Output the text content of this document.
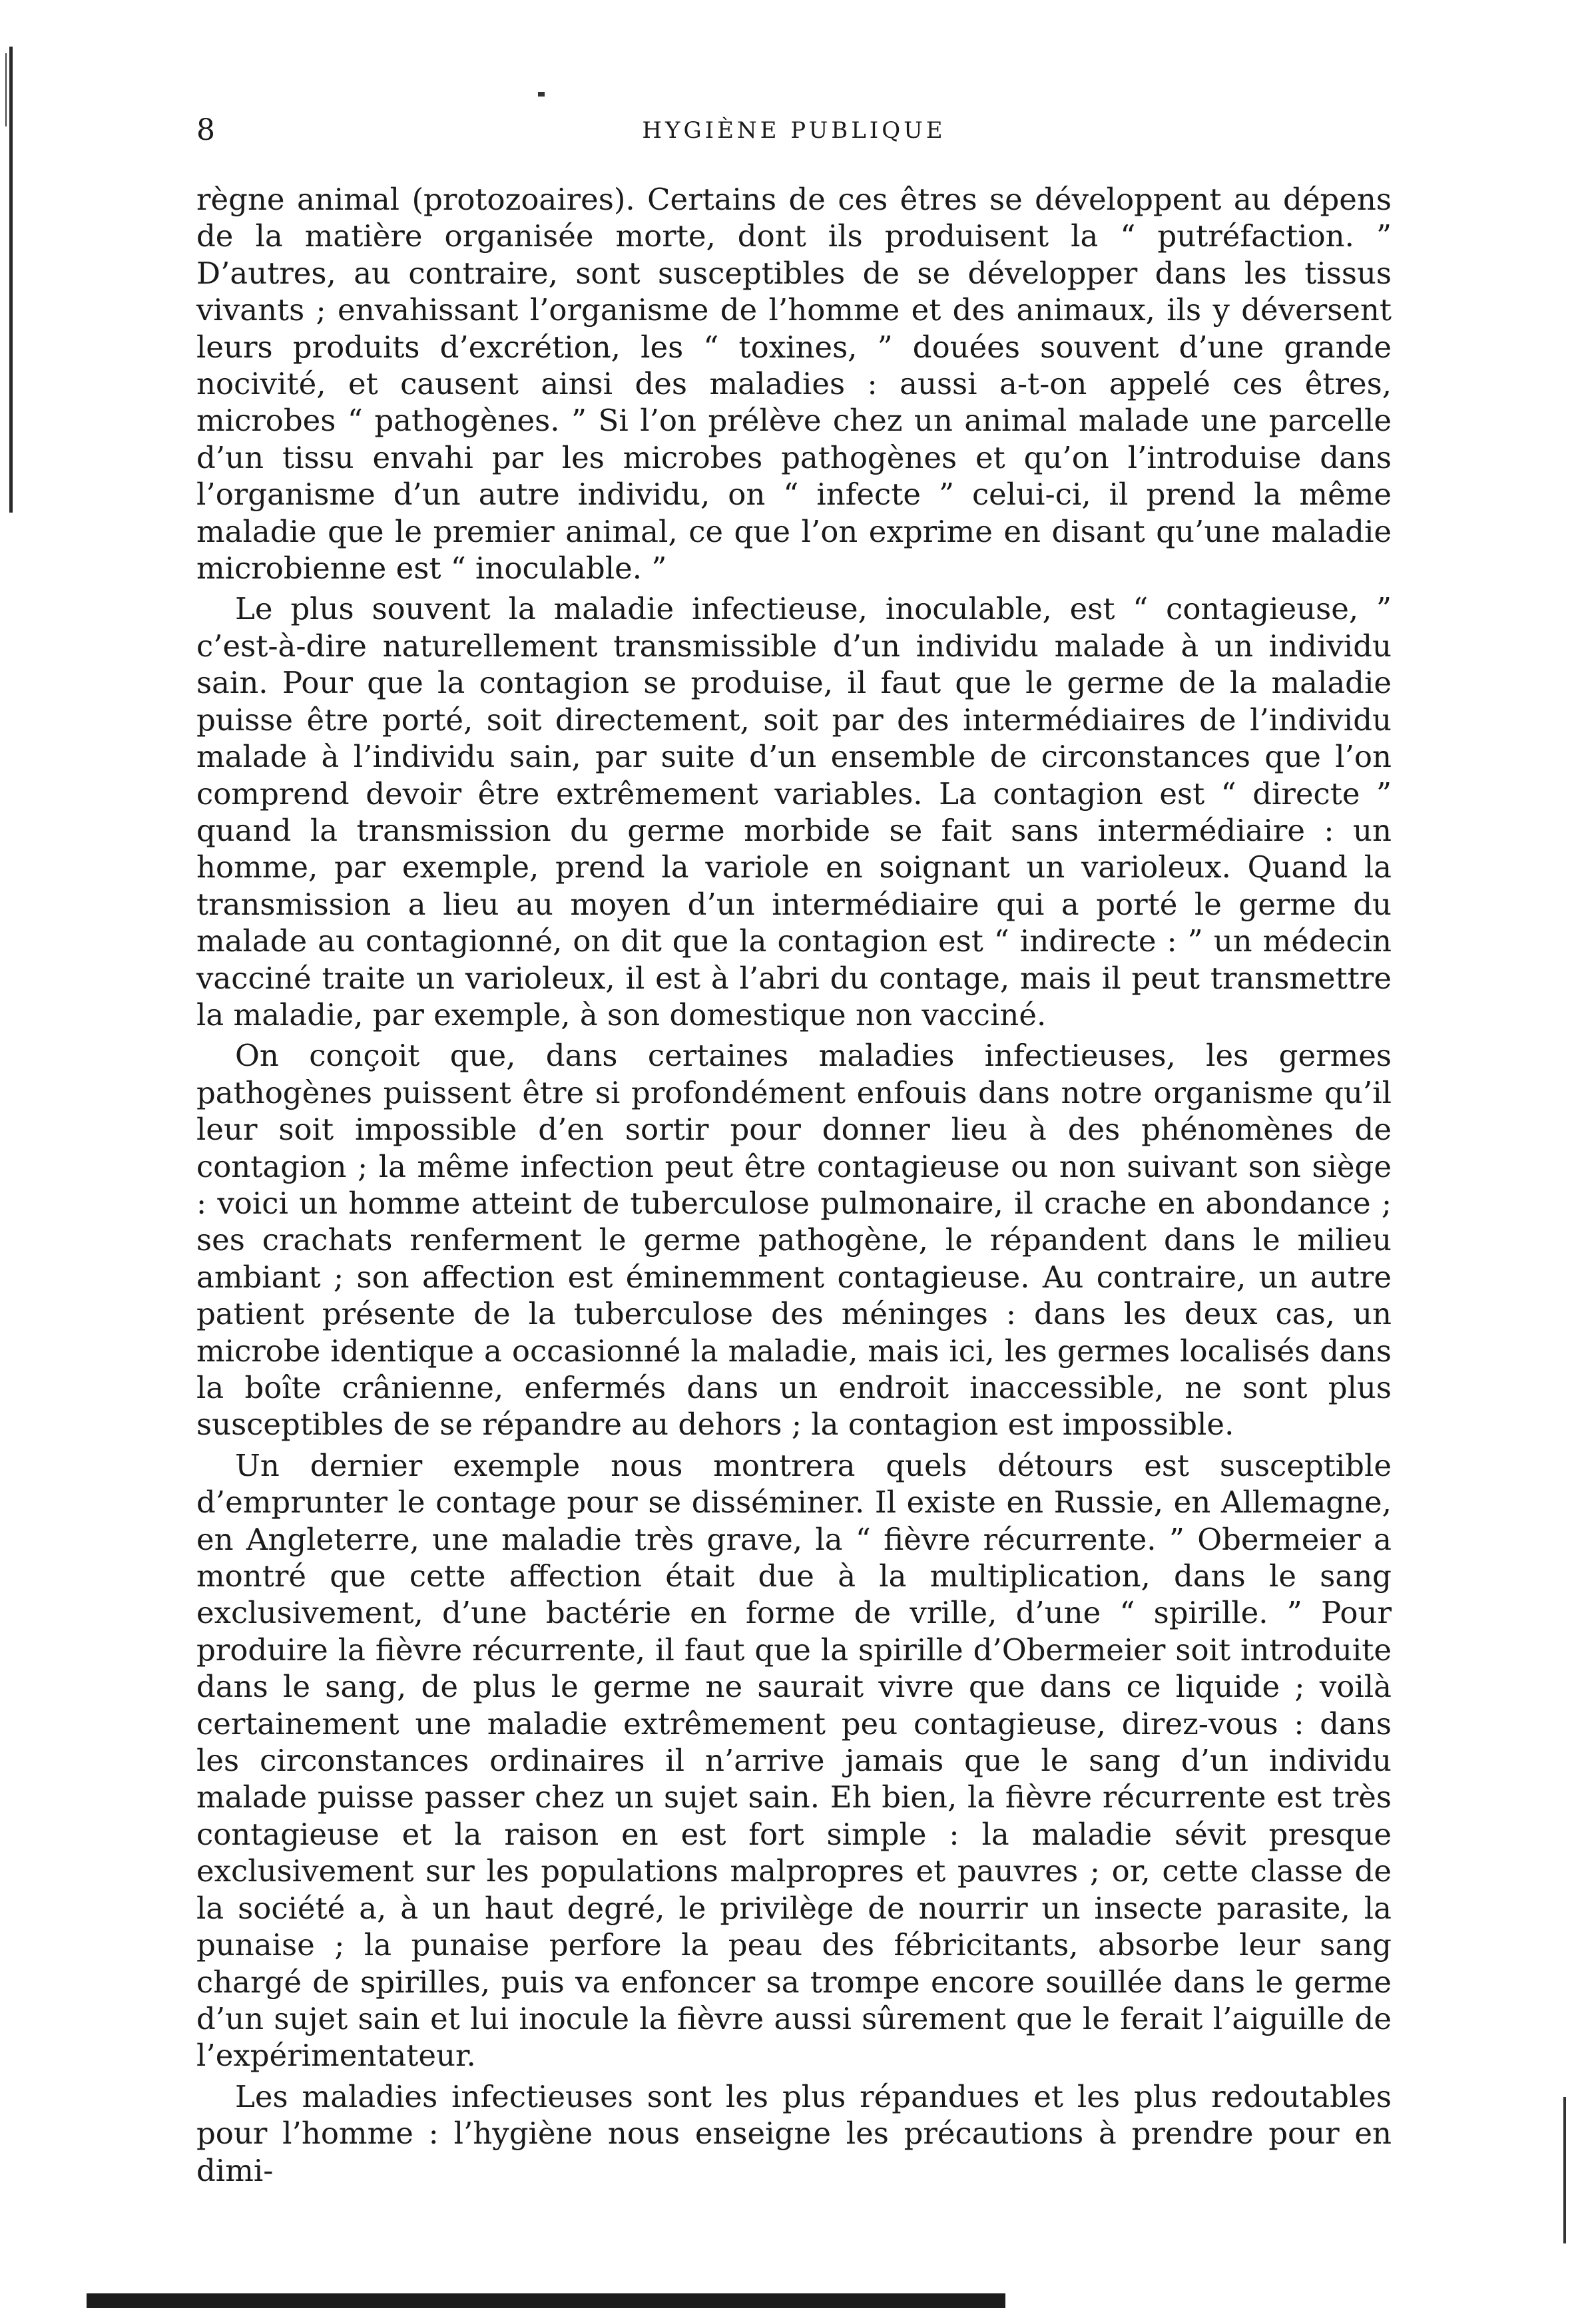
8	HYGIÈNE PUBLIQUE

règne animal (protozoaires). Certains de ces êtres se développent au dépens de la matière organisée morte, dont ils produisent la “ putréfaction. ” D’autres, au contraire, sont susceptibles de se développer dans les tissus vivants ; envahissant l’organisme de l’homme et des animaux, ils y déversent leurs produits d’excrétion, les “ toxines, ” douées souvent d’une grande nocivité, et causent ainsi des maladies : aussi a-t-on appelé ces êtres, microbes “ pathogènes. ” Si l’on prélève chez un animal malade une parcelle d’un tissu envahi par les microbes pathogènes et qu’on l’introduise dans l’organisme d’un autre individu, on “ infecte ” celui-ci, il prend la même maladie que le premier animal, ce que l’on exprime en disant qu’une maladie microbienne est “ inoculable. ”

Le plus souvent la maladie infectieuse, inoculable, est “ contagieuse, ” c’est-à-dire naturellement transmissible d’un individu malade à un individu sain. Pour que la contagion se produise, il faut que le germe de la maladie puisse être porté, soit directement, soit par des intermédiaires de l’individu malade à l’individu sain, par suite d’un ensemble de circonstances que l’on comprend devoir être extrêmement variables. La contagion est “ directe ” quand la transmission du germe morbide se fait sans intermédiaire : un homme, par exemple, prend la variole en soignant un varioleux. Quand la transmission a lieu au moyen d’un intermédiaire qui a porté le germe du malade au contagionné, on dit que la contagion est “ indirecte : ” un médecin vacciné traite un varioleux, il est à l’abri du contage, mais il peut transmettre la maladie, par exemple, à son domestique non vacciné.

On conçoit que, dans certaines maladies infectieuses, les germes pathogènes puissent être si profondément enfouis dans notre organisme qu’il leur soit impossible d’en sortir pour donner lieu à des phénomènes de contagion ; la même infection peut être contagieuse ou non suivant son siège : voici un homme atteint de tuberculose pulmonaire, il crache en abondance ; ses crachats renferment le germe pathogène, le répandent dans le milieu ambiant ; son affection est éminemment contagieuse. Au contraire, un autre patient présente de la tuberculose des méninges : dans les deux cas, un microbe identique a occasionné la maladie, mais ici, les germes localisés dans la boîte crânienne, enfermés dans un endroit inaccessible, ne sont plus susceptibles de se répandre au dehors ; la contagion est impossible.

Un dernier exemple nous montrera quels détours est susceptible d’emprunter le contage pour se disséminer. Il existe en Russie, en Allemagne, en Angleterre, une maladie très grave, la “ fièvre récurrente. ” Obermeier a montré que cette affection était due à la multiplication, dans le sang exclusivement, d’une bactérie en forme de vrille, d’une “ spirille. ” Pour produire la fièvre récurrente, il faut que la spirille d’Obermeier soit introduite dans le sang, de plus le germe ne saurait vivre que dans ce liquide ; voilà certainement une maladie extrêmement peu contagieuse, direz-vous : dans les circonstances ordinaires il n’arrive jamais que le sang d’un individu malade puisse passer chez un sujet sain. Eh bien, la fièvre récurrente est très contagieuse et la raison en est fort simple : la maladie sévit presque exclusivement sur les populations malpropres et pauvres ; or, cette classe de la société a, à un haut degré, le privilège de nourrir un insecte parasite, la punaise ; la punaise perfore la peau des fébricitants, absorbe leur sang chargé de spirilles, puis va enfoncer sa trompe encore souillée dans le germe d’un sujet sain et lui inocule la fièvre aussi sûrement que le ferait l’aiguille de l’expérimentateur.

Les maladies infectieuses sont les plus répandues et les plus redoutables pour l’homme : l’hygiène nous enseigne les précautions à prendre pour en dimi-
